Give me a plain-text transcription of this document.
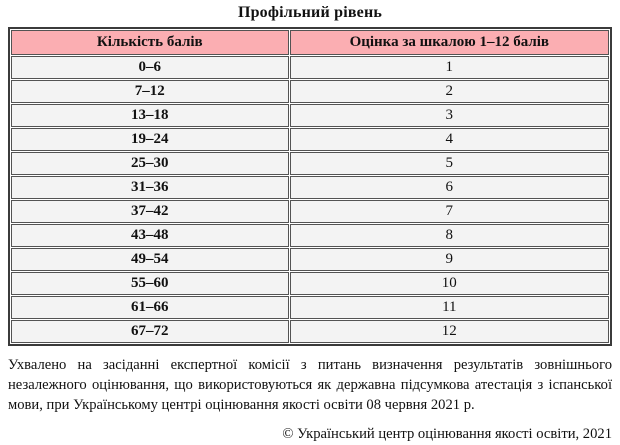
Профільний рівень
Кількість балів	Оцінка за шкалою 1–12 балів
0–6	1
7–12	2
13–18	3
19–24	4
25–30	5
31–36	6
37–42	7
43–48	8
49–54	9
55–60	10
61–66	11
67–72	12

Ухвалено на засіданні експертної комісії з питань визначення результатів зовнішнього незалежного оцінювання, що використовуються як державна підсумкова атестація з іспанської мови, при Українському центрі оцінювання якості освіти 08 червня 2021 р.

© Український центр оцінювання якості освіти, 2021
